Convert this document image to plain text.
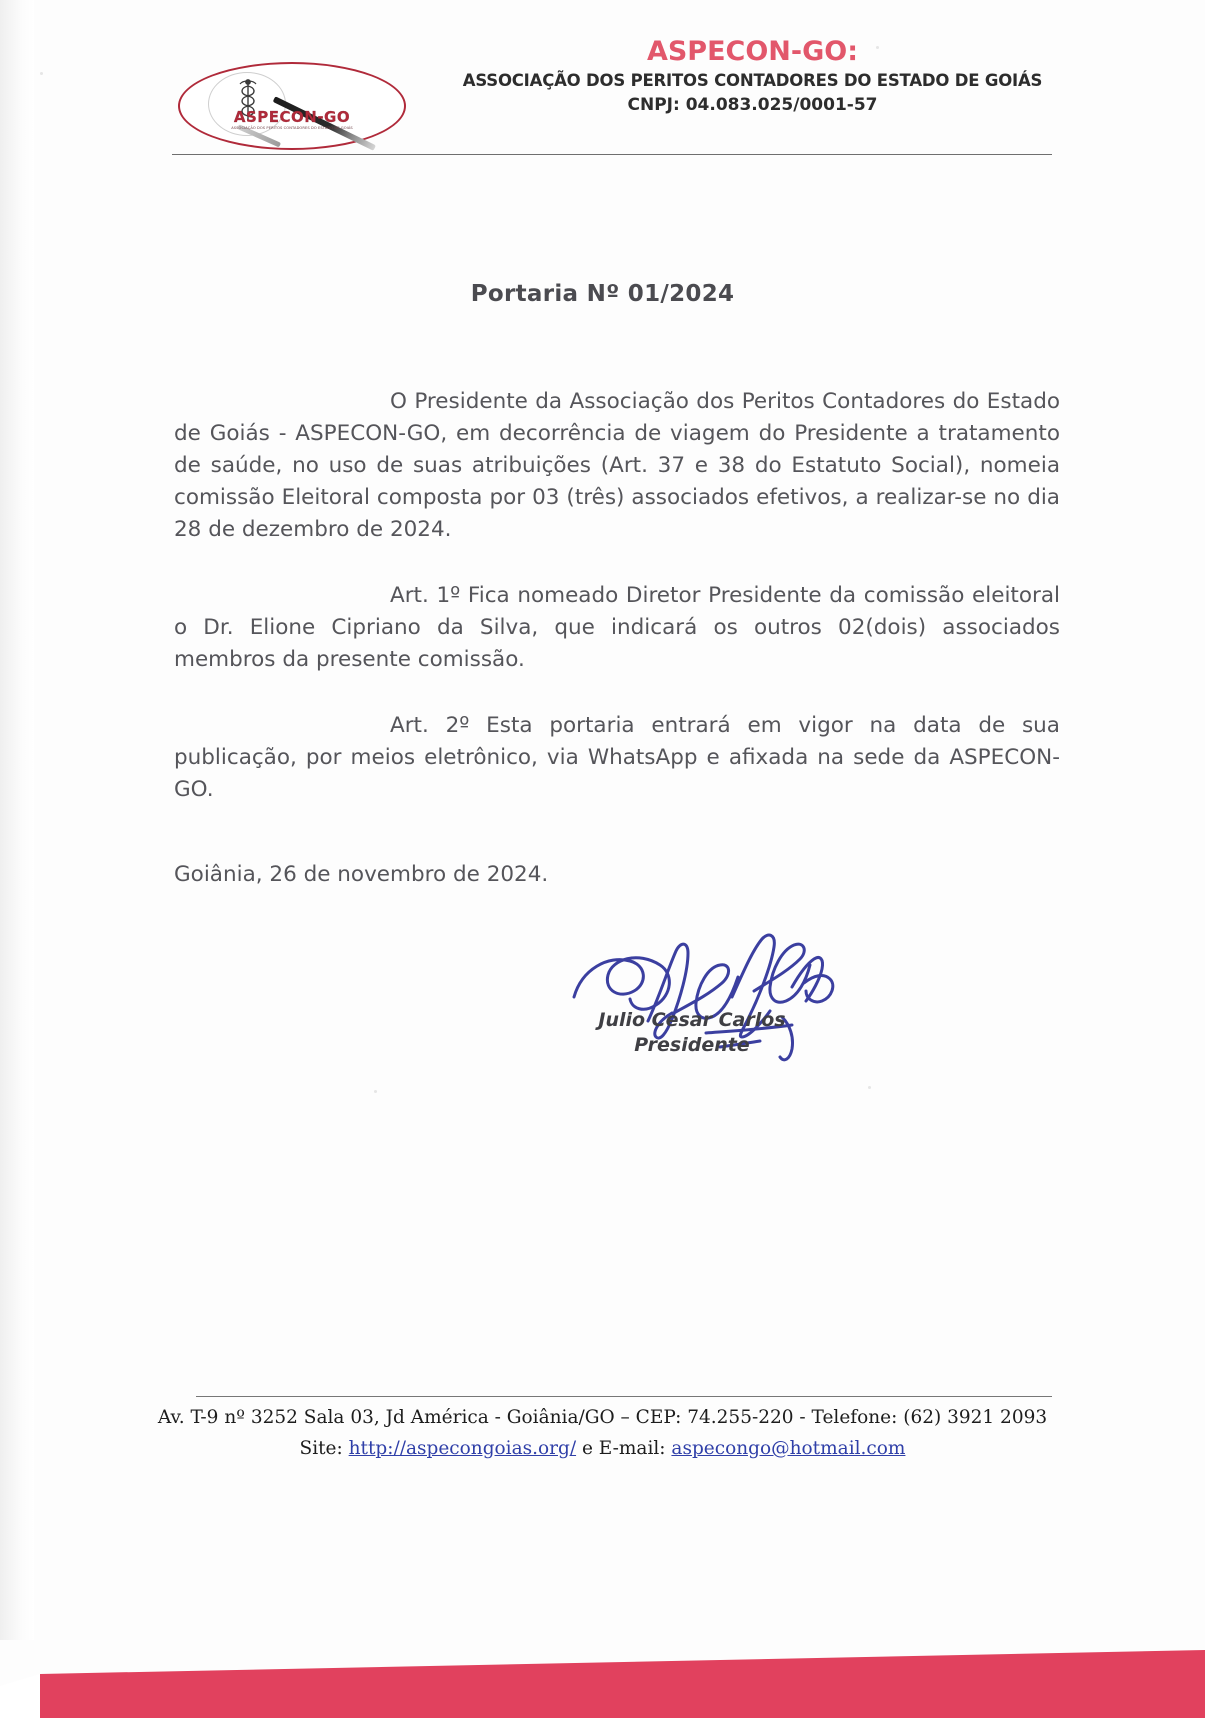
ASPECON-GO
ASSOCIAÇÃO DOS PERITOS CONTADORES DO ESTADO DE GOIÁS
ASPECON-GO:
ASSOCIAÇÃO DOS PERITOS CONTADORES DO ESTADO DE GOIÁS
CNPJ: 04.083.025/0001-57
Portaria Nº 01/2024

O Presidente da Associação dos Peritos Contadores do Estado de Goiás - ASPECON-GO, em decorrência de viagem do Presidente a tratamento de saúde, no uso de suas atribuições (Art. 37 e 38 do Estatuto Social), nomeia comissão Eleitoral composta por 03 (três) associados efetivos, a realizar-se no dia 28 de dezembro de 2024.

Art. 1º Fica nomeado Diretor Presidente da comissão eleitoral o Dr. Elione Cipriano da Silva, que indicará os outros 02(dois) associados membros da presente comissão.

Art. 2º Esta portaria entrará em vigor na data de sua publicação, por meios eletrônico, via WhatsApp e afixada na sede da ASPECON-GO.

Goiânia, 26 de novembro de 2024.
Julio Cesar Carlos
Presidente
Av. T-9 nº 3252 Sala 03, Jd América - Goiânia/GO – CEP: 74.255-220 - Telefone: (62) 3921 2093
Site: http://aspecongoias.org/ e E-mail: aspecongo@hotmail.com
